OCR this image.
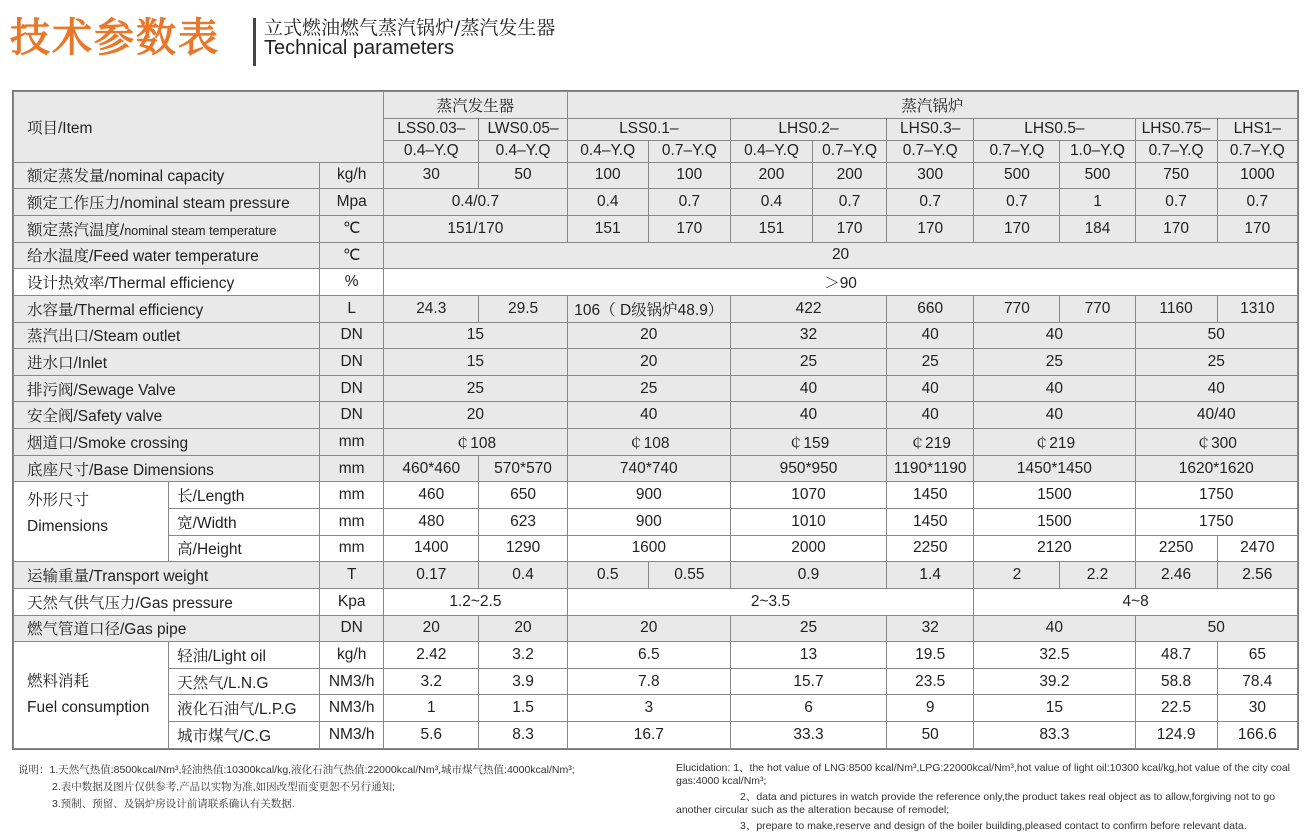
技术参数表 立式燃油燃气蒸汽锅炉/蒸汽发生器
Technical parameters
项目/Item			蒸汽发生器		蒸汽锅炉								
			LSS0.03–	LWS0.05–	LSS0.1–		LHS0.2–		LHS0.3–	LHS0.5–		LHS0.75–	LHS1–
			0.4–Y.Q	0.4–Y.Q	0.4–Y.Q	0.7–Y.Q	0.4–Y.Q	0.7–Y.Q	0.7–Y.Q	0.7–Y.Q	1.0–Y.Q	0.7–Y.Q	0.7–Y.Q
额定蒸发量/nominal capacity		kg/h	30	50	100	100	200	200	300	500	500	750	1000
额定工作压力/nominal steam pressure		Mpa	0.4/0.7		0.4	0.7	0.4	0.7	0.7	0.7	1	0.7	0.7
额定蒸汽温度/nominal steam temperature		℃	151/170		151	170	151	170	170	170	184	170	170
给水温度/Feed water temperature		℃	20										
设计热效率/Thermal efficiency		%	＞90										
水容量/Thermal efficiency		L	24.3	29.5	106（ D级锅炉48.9）		422		660	770	770	1160	1310
蒸汽出口/Steam outlet		DN	15		20		32		40	40		50	
进水口/Inlet		DN	15		20		25		25	25		25	
排污阀/Sewage Valve		DN	25		25		40		40	40		40	
安全阀/Safety valve		DN	20		40		40		40	40		40/40	
烟道口/Smoke crossing		mm	￠108		￠108		￠159		￠219	￠219		￠300	
底座尺寸/Base Dimensions		mm	460*460	570*570	740*740		950*950		1190*1190	1450*1450		1620*1620	

外形尺寸
Dimensions	长/Length	mm	460	650	900		1070		1450	1500		1750	
	宽/Width	mm	480	623	900		1010		1450	1500		1750	
	高/Height	mm	1400	1290	1600		2000		2250	2120		2250	2470
运输重量/Transport weight		T	0.17	0.4	0.5	0.55	0.9		1.4	2	2.2	2.46	2.56
天然气供气压力/Gas pressure		Kpa	1.2~2.5		2~3.5					4~8			
燃气管道口径/Gas pipe		DN	20	20	20		25		32	40		50	

燃料消耗
Fuel consumption	轻油/Light oil	kg/h	2.42	3.2	6.5		13		19.5	32.5		48.7	65
	天然气/L.N.G	NM3/h	3.2	3.9	7.8		15.7		23.5	39.2		58.8	78.4
	液化石油气/L.P.G	NM3/h	1	1.5	3		6		9	15		22.5	30
	城市煤气/C.G	NM3/h	5.6	8.3	16.7		33.3		50	83.3		124.9	166.6
说明：1.天然气热值:8500kcal/Nm³,轻油热值:10300kcal/kg,液化石油气热值:22000kcal/Nm³,城市煤气热值:4000kcal/Nm³;
2.表中数据及图片仅供参考,产品以实物为准,如因改型而变更恕不另行通知;
3.预制、预留、及锅炉房设计前请联系确认有关数据.
Elucidation: 1、the hot value of LNG:8500 kcal/Nm³,LPG:22000kcal/Nm³,hot value of light oil:10300 kcal/kg,hot value of the city coal gas:4000 kcal/Nm³;
2、data and pictures in watch provide the reference only,the product takes real object as to allow,forgiving not to go another circular such as the alteration because of remodel;
3、prepare to make,reserve and design of the boiler building,pleased contact to confirm before relevant data.
